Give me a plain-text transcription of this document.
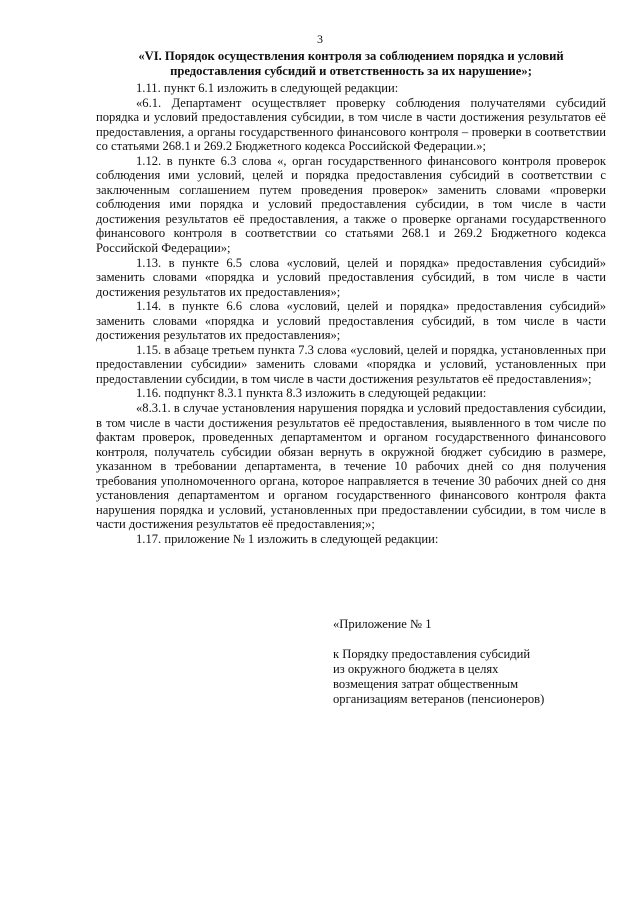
3
«VI. Порядок осуществления контроля за соблюдением порядка и условий предоставления субсидий и ответственность за их нарушение»;

1.11. пункт 6.1 изложить в следующей редакции:

«6.1. Департамент осуществляет проверку соблюдения получателями субсидий порядка и условий предоставления субсидии, в том числе в части достижения результатов её предоставления, а органы государственного финансового контроля – проверки в соответствии со статьями 268.1 и 269.2 Бюджетного кодекса Российской Федерации.»;

1.12. в пункте 6.3 слова «, орган государственного финансового контроля проверок соблюдения ими условий, целей и порядка предоставления субсидий в соответствии с заключенным соглашением путем проведения проверок» заменить словами «проверки соблюдения ими порядка и условий предоставления субсидии, в том числе в части достижения результатов её предоставления, а также о проверке органами государственного финансового контроля в соответствии со статьями 268.1 и 269.2 Бюджетного кодекса Российской Федерации»;

1.13. в пункте 6.5 слова «условий, целей и порядка» предоставления субсидий» заменить словами «порядка и условий предоставления субсидий, в том числе в части достижения результатов их предоставления»;

1.14. в пункте 6.6 слова «условий, целей и порядка» предоставления субсидий» заменить словами «порядка и условий предоставления субсидий, в том числе в части достижения результатов их предоставления»;

1.15. в абзаце третьем пункта 7.3 слова «условий, целей и порядка, установленных при предоставлении субсидии» заменить словами «порядка и условий, установленных при предоставлении субсидии, в том числе в части достижения результатов её предоставления»;

1.16. подпункт 8.3.1 пункта 8.3 изложить в следующей редакции:

«8.3.1. в случае установления нарушения порядка и условий предоставления субсидии, в том числе в части достижения результатов её предоставления, выявленного в том числе по фактам проверок, проведенных департаментом и органом государственного финансового контроля, получатель субсидии обязан вернуть в окружной бюджет субсидию в размере, указанном в требовании департамента, в течение 10 рабочих дней со дня получения требования уполномоченного органа, которое направляется в течение 30 рабочих дней со дня установления департаментом и органом государственного финансового контроля факта нарушения порядка и условий, установленных при предоставлении субсидии, в том числе в части достижения результатов её предоставления;»;

1.17. приложение № 1 изложить в следующей редакции:

«Приложение № 1
к Порядку предоставления субсидий
из окружного бюджета в целях
возмещения затрат общественным
организациям ветеранов (пенсионеров)
